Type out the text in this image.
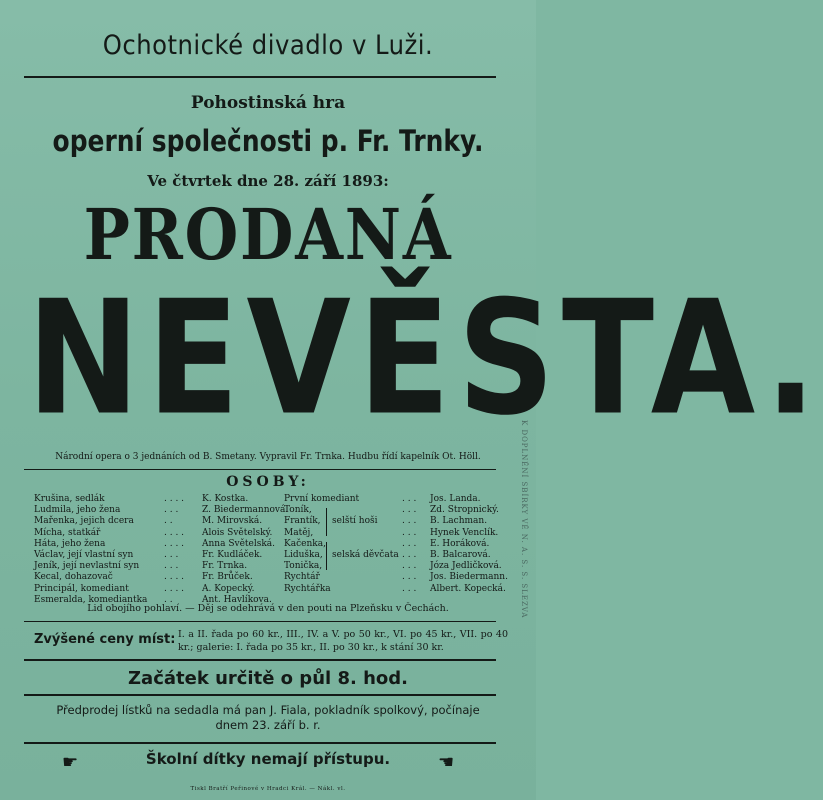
Ochotnické divadlo v Luži.
Pohostinská hra
operní společnosti p. Fr. Trnky.
Ve čtvrtek dne 28. září 1893:
PRODANÁ
NEVĚSTA.
Národní opera o 3 jednáních od B. Smetany. Vypravil Fr. Trnka. Hudbu řídí kapelník Ot. Höll.
OSOBY:
Krušina, sedlák	. . . .	K. Kostka.
Ludmila, jeho žena	. . .	Z. Biedermannová.
Mařenka, jejich dcera	. .	M. Mirovská.
Mícha, statkář	. . . .	Alois Světelský.
Háta, jeho žena	. . . .	Anna Světelská.
Václav, její vlastní syn	. . .	Fr. Kudláček.
Jeník, její nevlastní syn	. . .	Fr. Trnka.
Kecal, dohazovač	. . . .	Fr. Brůček.
Principál, komediant	. . . .	A. Kopecký.
Esmeralda, komediantka	. .	Ant. Havlíkova.
První komediant	. . .	Jos. Landa.
Toník,	. . .	Zd. Stropnický.
Frantík,	. . .	B. Lachman.
Matěj,	. . .	Hynek Venclík.
Kačenka,	. . .	E. Horáková.
Liduška,	. . .	B. Balcarová.
Tonička,	. . .	Józa Jedličková.
Rychtář	. . .	Jos. Biedermann.
Rychtářka	. . .	Albert. Kopecká.
selští hoši
selská děvčata
Lid obojího pohlaví. — Děj se odehrává v den pouti na Plzeňsku v Čechách.
Zvýšené ceny míst: I. a II. řada po 60 kr., III., IV. a V. po 50 kr., VI. po 45 kr., VII. po 40 kr.; galerie: I. řada po 35 kr., II. po 30 kr., k stání 30 kr.
Začátek určitě o půl 8. hod.
Předprodej lístků na sedadla má pan J. Fiala, pokladník spolkový, počínaje dnem 23. září b. r.
☛	Školní dítky nemají přístupu.	☚
Tiskl Bratří Peřinové v Hradci Král. — Nákl. vl.
K DOPLNĚNÍ SBÍRKY VĚ N. A. S. S. SLEZVA
